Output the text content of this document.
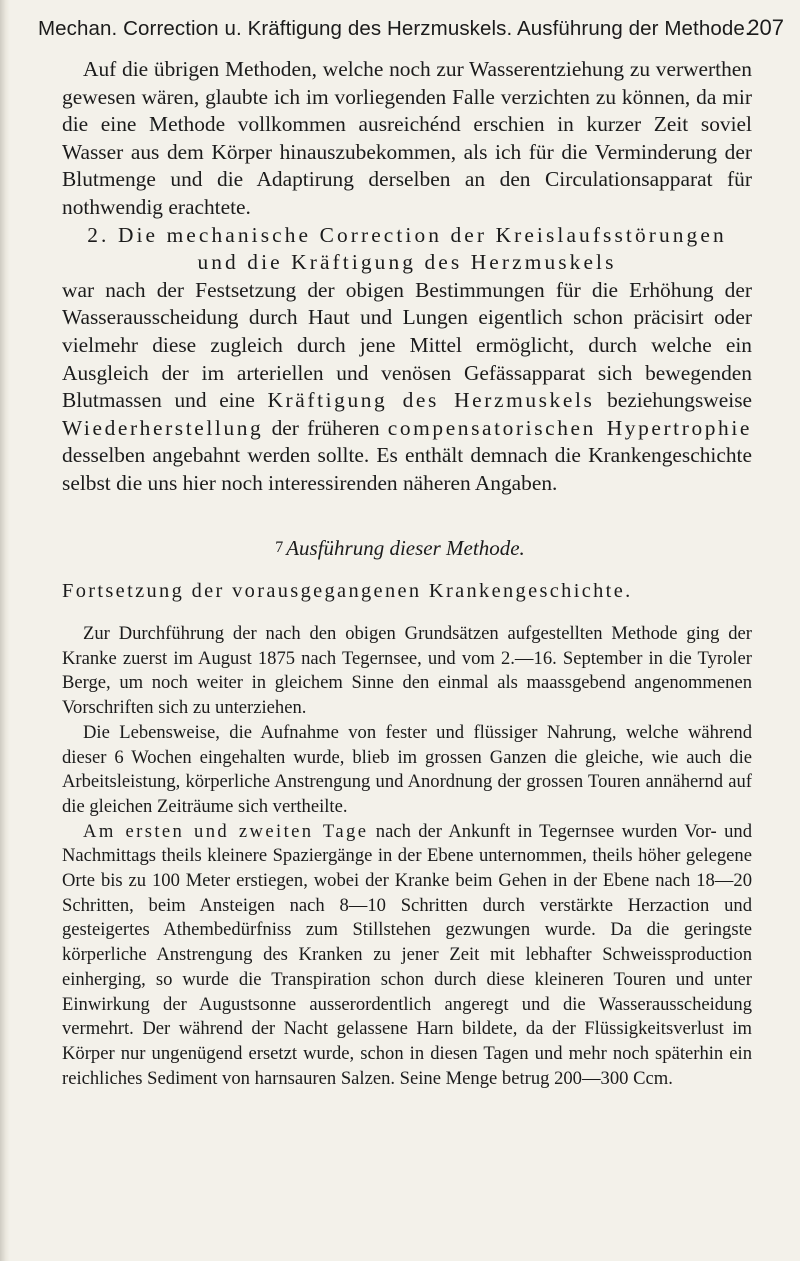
Mechan. Correction u. Kräftigung des Herzmuskels. Ausführung der Methode.
207

Auf die übrigen Methoden, welche noch zur Wasserentziehung zu verwerthen gewesen wären, glaubte ich im vorliegenden Falle verzichten zu können, da mir die eine Methode vollkommen ausreichénd erschien in kurzer Zeit soviel Wasser aus dem Körper hinauszubekommen, als ich für die Verminderung der Blutmenge und die Adaptirung derselben an den Circulationsapparat für nothwendig erachtete.

2. Die mechanische Correction der Kreislaufsstörungen und die Kräftigung des Herzmuskels

war nach der Festsetzung der obigen Bestimmungen für die Erhöhung der Wasserausscheidung durch Haut und Lungen eigentlich schon präcisirt oder vielmehr diese zugleich durch jene Mittel ermöglicht, durch welche ein Ausgleich der im arteriellen und venösen Gefässapparat sich bewegenden Blutmassen und eine Kräftigung des Herzmuskels beziehungsweise Wiederherstellung der früheren compensatorischen Hypertrophie desselben angebahnt werden sollte. Es enthält demnach die Krankengeschichte selbst die uns hier noch interessirenden näheren Angaben.

7 Ausführung dieser Methode.
Fortsetzung der vorausgegangenen Krankengeschichte.

Zur Durchführung der nach den obigen Grundsätzen aufgestellten Methode ging der Kranke zuerst im August 1875 nach Tegernsee, und vom 2.—16. September in die Tyroler Berge, um noch weiter in gleichem Sinne den einmal als maassgebend angenommenen Vorschriften sich zu unterziehen.

Die Lebensweise, die Aufnahme von fester und flüssiger Nahrung, welche während dieser 6 Wochen eingehalten wurde, blieb im grossen Ganzen die gleiche, wie auch die Arbeitsleistung, körperliche Anstrengung und Anordnung der grossen Touren annähernd auf die gleichen Zeiträume sich vertheilte.

Am ersten und zweiten Tage nach der Ankunft in Tegernsee wurden Vor- und Nachmittags theils kleinere Spaziergänge in der Ebene unternommen, theils höher gelegene Orte bis zu 100 Meter erstiegen, wobei der Kranke beim Gehen in der Ebene nach 18—20 Schritten, beim Ansteigen nach 8—10 Schritten durch verstärkte Herzaction und gesteigertes Athembedürfniss zum Stillstehen gezwungen wurde. Da die geringste körperliche Anstrengung des Kranken zu jener Zeit mit lebhafter Schweissproduction einherging, so wurde die Transpiration schon durch diese kleineren Touren und unter Einwirkung der Augustsonne ausserordentlich angeregt und die Wasserausscheidung vermehrt. Der während der Nacht gelassene Harn bildete, da der Flüssigkeitsverlust im Körper nur ungenügend ersetzt wurde, schon in diesen Tagen und mehr noch späterhin ein reichliches Sediment von harnsauren Salzen. Seine Menge betrug 200—300 Ccm.
